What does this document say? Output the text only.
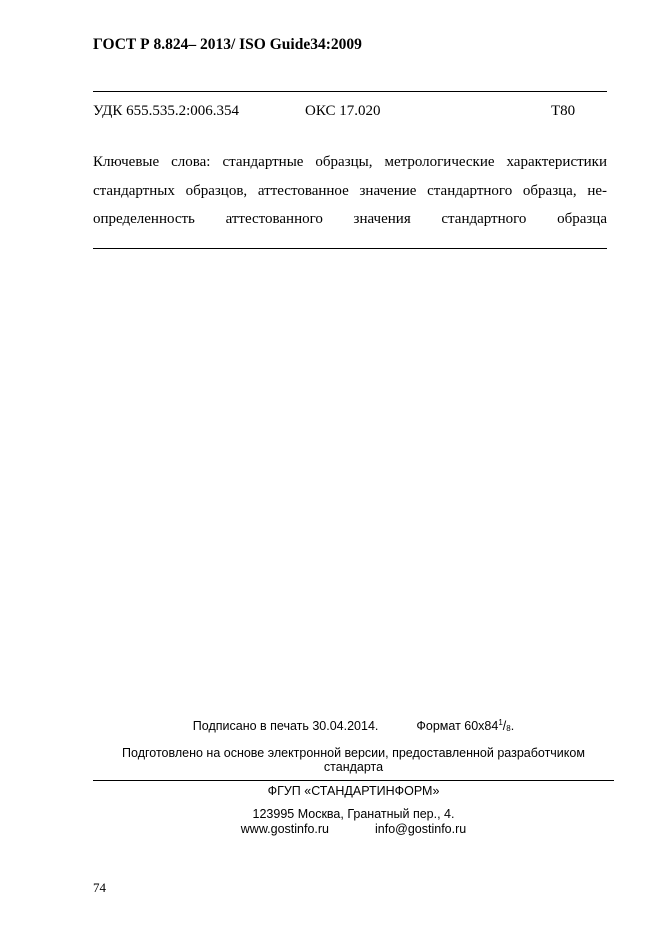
ГОСТ Р 8.824– 2013/ ISO Guide34:2009
УДК 655.535.2:006.354	ОКС 17.020	Т80
Ключевые слова: стандартные образцы, метрологические характеристики
стандартных образцов, аттестованное значение стандартного образца, не-
определенность аттестованного значения стандартного образца
Подписано в печать 30.04.2014.	Формат $60x84^1/_8$.
Подготовлено на основе электронной версии, предоставленной разработчиком
стандарта
ФГУП «СТАНДАРТИНФОРМ»
123995 Москва, Гранатный пер., 4.
www.gostinfo.ru	info@gostinfo.ru
74
